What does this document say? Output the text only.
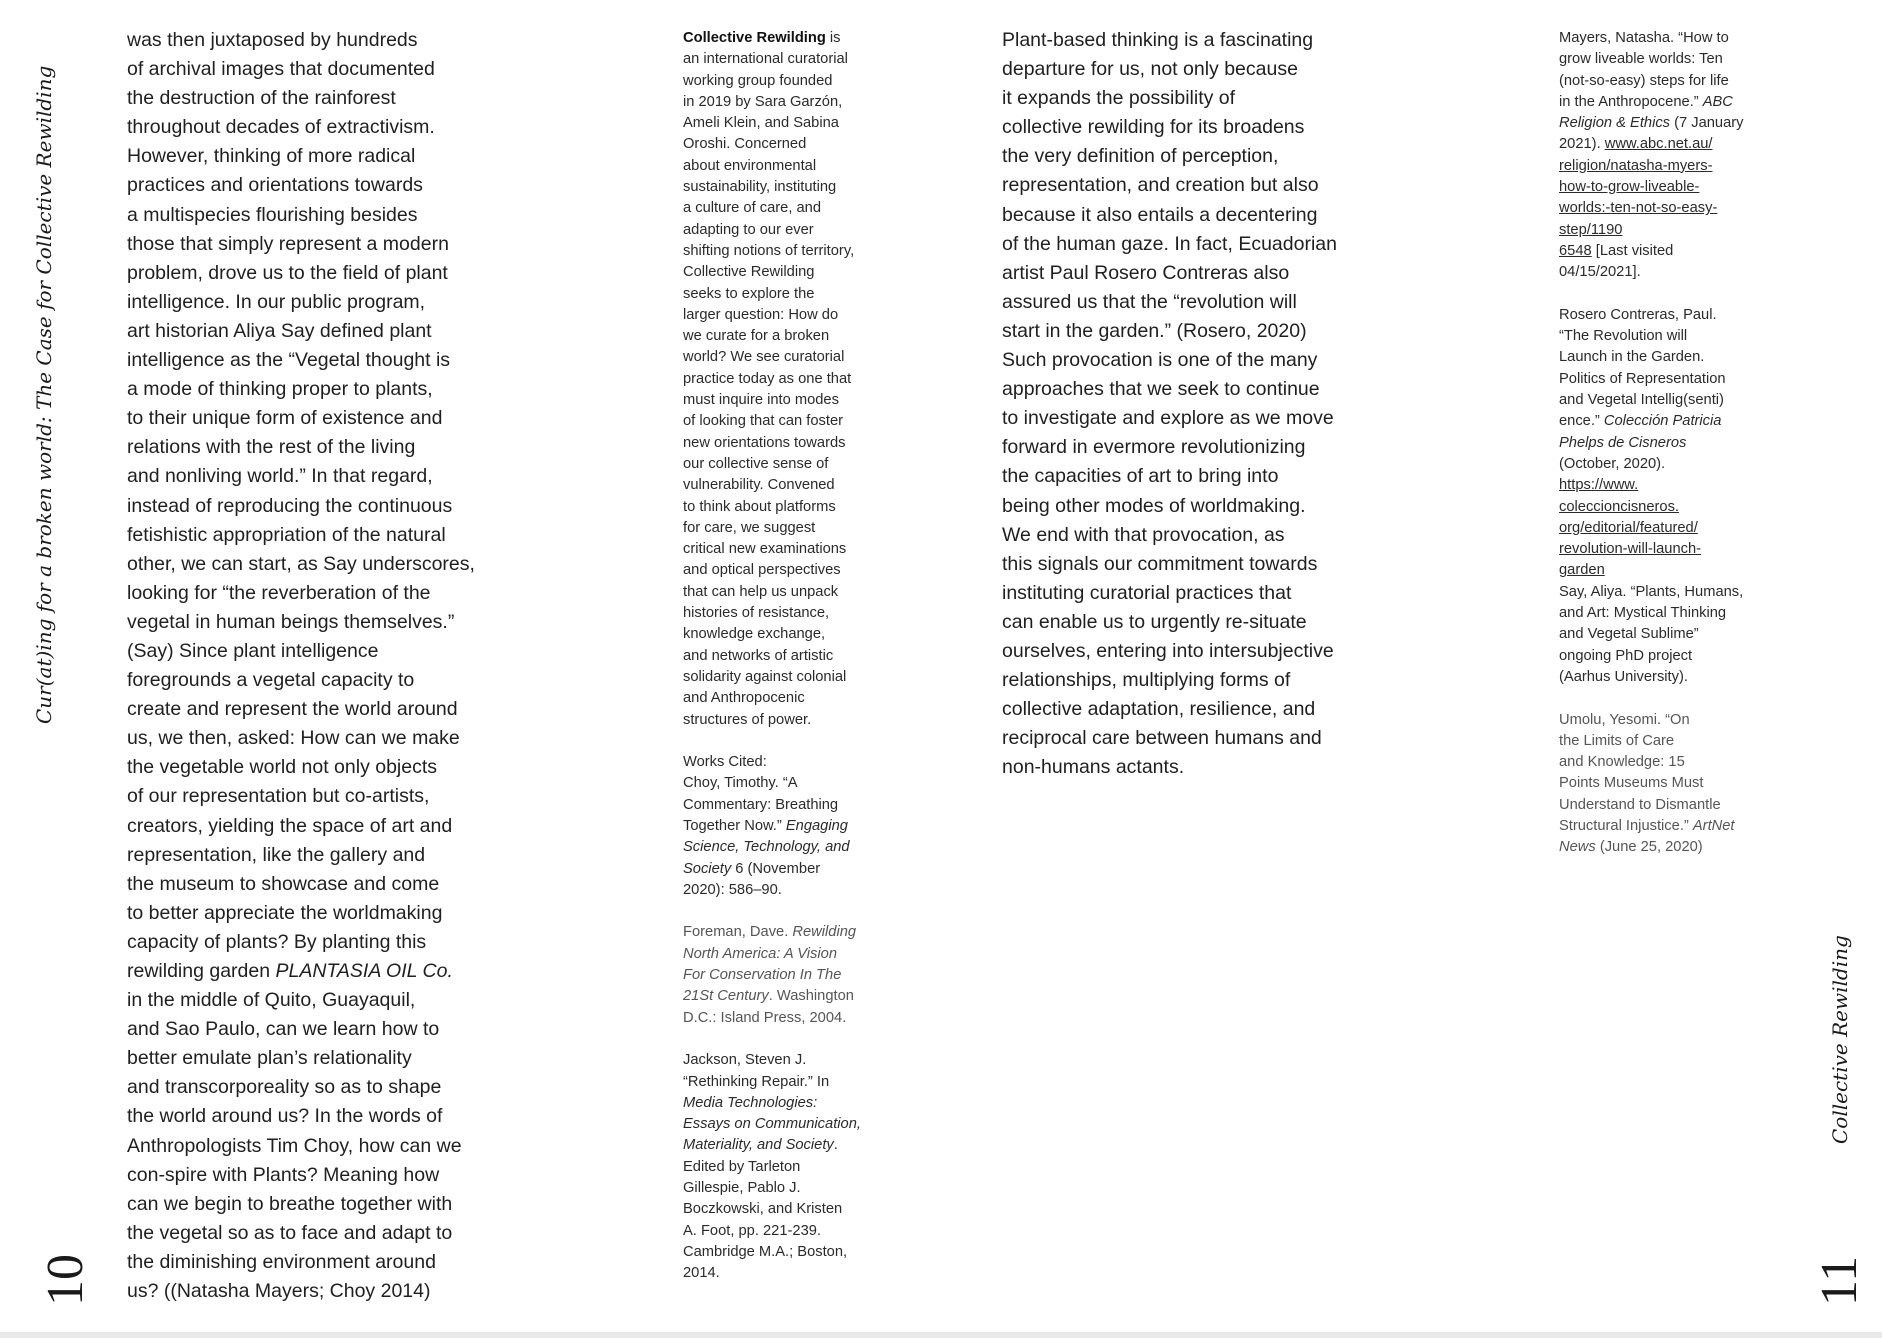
Cur(at)ing for a broken world: The Case for Collective Rewilding
10
was then juxtaposed by hundreds
of archival images that documented
the destruction of the rainforest
throughout decades of extractivism.
However, thinking of more radical
practices and orientations towards
a multispecies flourishing besides
those that simply represent a modern
problem, drove us to the field of plant
intelligence. In our public program,
art historian Aliya Say defined plant
intelligence as the “Vegetal thought is
a mode of thinking proper to plants,
to their unique form of existence and
relations with the rest of the living
and nonliving world.” In that regard,
instead of reproducing the continuous
fetishistic appropriation of the natural
other, we can start, as Say underscores,
looking for “the reverberation of the
vegetal in human beings themselves.”
(Say) Since plant intelligence
foregrounds a vegetal capacity to
create and represent the world around
us, we then, asked: How can we make
the vegetable world not only objects
of our representation but co-artists,
creators, yielding the space of art and
representation, like the gallery and
the museum to showcase and come
to better appreciate the worldmaking
capacity of plants? By planting this
rewilding garden PLANTASIA OIL Co.
in the middle of Quito, Guayaquil,
and Sao Paulo, can we learn how to
better emulate plan’s relationality
and transcorporeality so as to shape
the world around us? In the words of
Anthropologists Tim Choy, how can we
con-spire with Plants? Meaning how
can we begin to breathe together with
the vegetal so as to face and adapt to
the diminishing environment around
us? ((Natasha Mayers; Choy 2014)
Collective Rewilding is
an international curatorial
working group founded
in 2019 by Sara Garzón,
Ameli Klein, and Sabina
Oroshi. Concerned
about environmental
sustainability, instituting
a culture of care, and
adapting to our ever
shifting notions of territory,
Collective Rewilding
seeks to explore the
larger question: How do
we curate for a broken
world? We see curatorial
practice today as one that
must inquire into modes
of looking that can foster
new orientations towards
our collective sense of
vulnerability. Convened
to think about platforms
for care, we suggest
critical new examinations
and optical perspectives
that can help us unpack
histories of resistance,
knowledge exchange,
and networks of artistic
solidarity against colonial
and Anthropocenic
structures of power.
Works Cited:
Choy, Timothy. “A
Commentary: Breathing
Together Now.” Engaging
Science, Technology, and
Society 6 (November
2020): 586–90.
Foreman, Dave. Rewilding
North America: A Vision
For Conservation In The
21St Century. Washington
D.C.: Island Press, 2004.
Jackson, Steven J.
“Rethinking Repair.” In
Media Technologies:
Essays on Communication,
Materiality, and Society.
Edited by Tarleton
Gillespie, Pablo J.
Boczkowski, and Kristen
A. Foot, pp. 221-239.
Cambridge M.A.; Boston,
2014.
Plant-based thinking is a fascinating
departure for us, not only because
it expands the possibility of
collective rewilding for its broadens
the very definition of perception,
representation, and creation but also
because it also entails a decentering
of the human gaze. In fact, Ecuadorian
artist Paul Rosero Contreras also
assured us that the “revolution will
start in the garden.” (Rosero, 2020)
Such provocation is one of the many
approaches that we seek to continue
to investigate and explore as we move
forward in evermore revolutionizing
the capacities of art to bring into
being other modes of worldmaking.
We end with that provocation, as
this signals our commitment towards
instituting curatorial practices that
can enable us to urgently re-situate
ourselves, entering into intersubjective
relationships, multiplying forms of
collective adaptation, resilience, and
reciprocal care between humans and
non-humans actants.
Mayers, Natasha. “How to
grow liveable worlds: Ten
(not-so-easy) steps for life
in the Anthropocene.” ABC
Religion & Ethics (7 January
2021). www.abc.net.au/
religion/natasha-myers-
how-to-grow-liveable-
worlds:-ten-not-so-easy-
step/1190
6548 [Last visited
04/15/2021].
Rosero Contreras, Paul.
“The Revolution will
Launch in the Garden.
Politics of Representation
and Vegetal Intellig(senti)
ence.” Colección Patricia
Phelps de Cisneros
(October, 2020).
https://www.
coleccioncisneros.
org/editorial/featured/
revolution-will-launch-
garden
Say, Aliya. “Plants, Humans,
and Art: Mystical Thinking
and Vegetal Sublime”
ongoing PhD project
(Aarhus University).
Umolu, Yesomi. “On
the Limits of Care
and Knowledge: 15
Points Museums Must
Understand to Dismantle
Structural Injustice.” ArtNet
News (June 25, 2020)
Collective Rewilding
11
